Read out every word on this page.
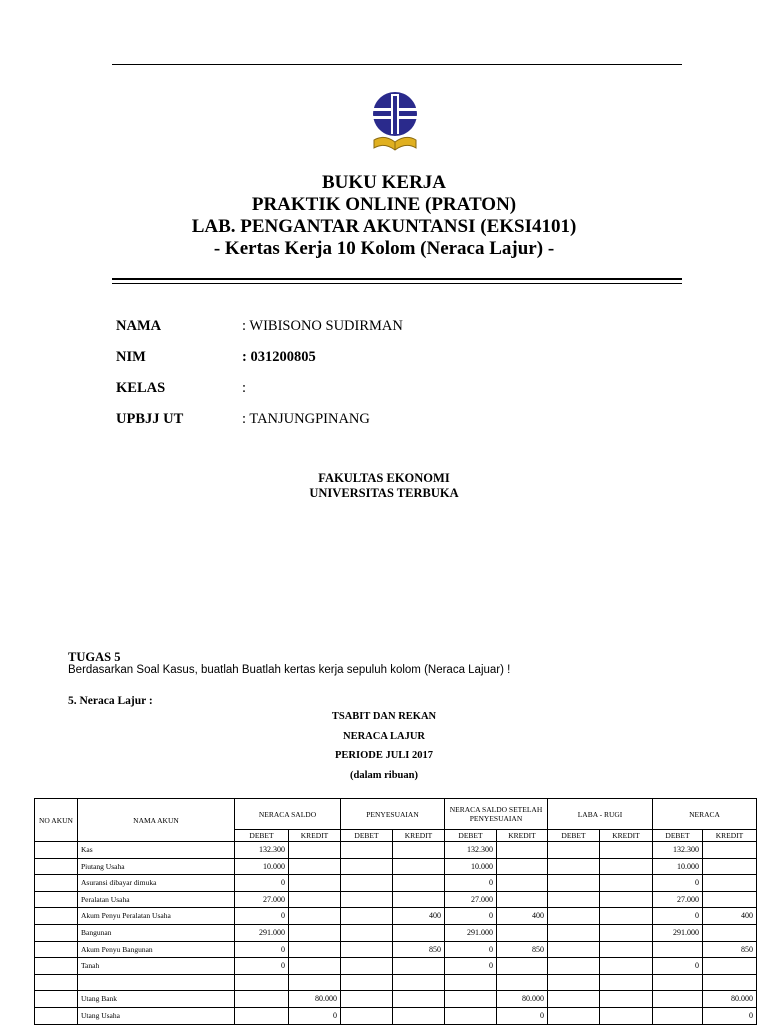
BUKU KERJA
PRAKTIK ONLINE (PRATON)
LAB. PENGANTAR AKUNTANSI (EKSI4101)
- Kertas Kerja 10 Kolom (Neraca Lajur) -
NAMA	: WIBISONO SUDIRMAN
NIM	: 031200805
KELAS	:
UPBJJ UT	: TANJUNGPINANG
FAKULTAS EKONOMI
UNIVERSITAS TERBUKA
TUGAS 5
Berdasarkan Soal Kasus, buatlah Buatlah kertas kerja sepuluh kolom (Neraca Lajuar) !
5. Neraca Lajur :
TSABIT DAN REKAN
NERACA LAJUR
PERIODE JULI 2017
(dalam ribuan)
NO AKUN	NAMA AKUN	NERACA SALDO		PENYESUAIAN		NERACA SALDO SETELAH PENYESUAIAN		LABA - RUGI		NERACA	
		DEBET	KREDIT	DEBET	KREDIT	DEBET	KREDIT	DEBET	KREDIT	DEBET	KREDIT
	Kas	132.300				132.300				132.300	
	Piutang Usaha	10.000				10.000				10.000	
	Asuransi dibayar dimuka	0				0				0	
	Peralatan Usaha	27.000				27.000				27.000	
	Akum Penyu Peralatan Usaha	0			400	0	400			0	400
	Bangunan	291.000				291.000				291.000	
	Akum Penyu Bangunan	0			850	0	850				850
	Tanah	0				0				0	

	Utang Bank		80.000				80.000				80.000
	Utang Usaha		0				0				0
